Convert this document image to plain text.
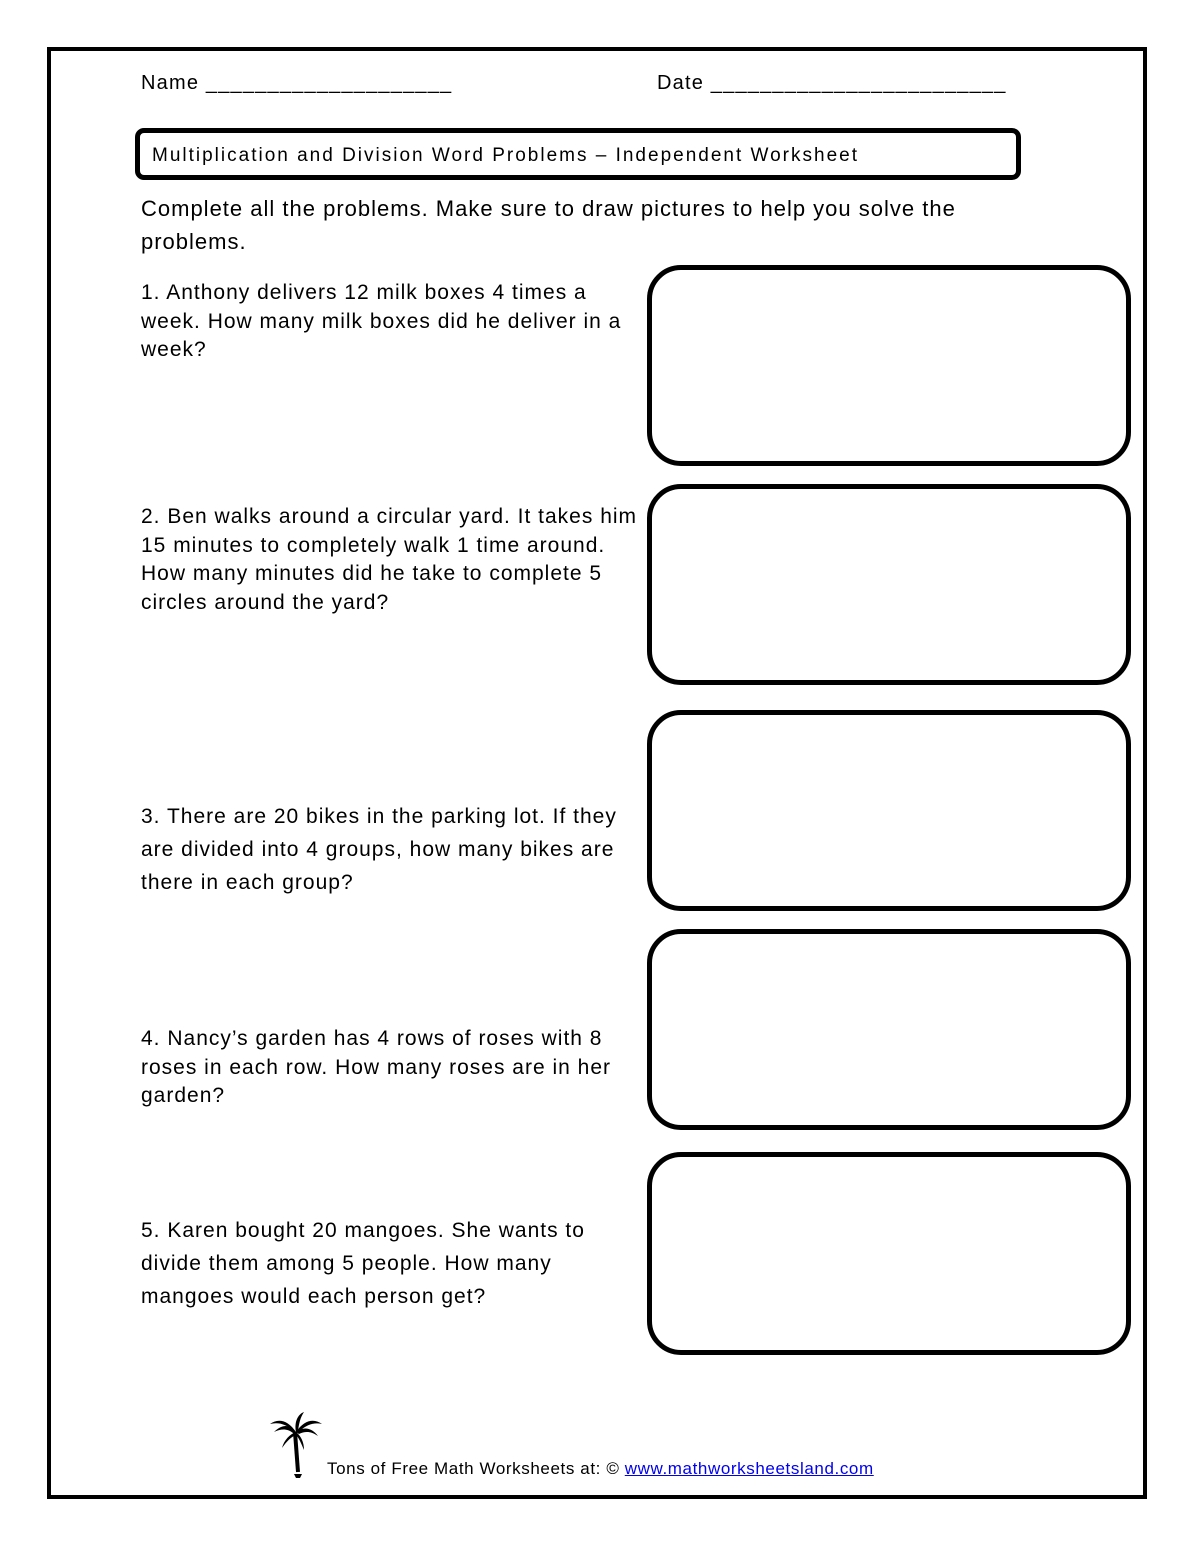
Name ____________________	Date ________________________
Multiplication and Division Word Problems – Independent Worksheet
Complete all the problems. Make sure to draw pictures to help you solve the problems.
1. Anthony delivers 12 milk boxes 4 times a week. How many milk boxes did he deliver in a week?
2. Ben walks around a circular yard. It takes him 15 minutes to completely walk 1 time around. How many minutes did he take to complete 5 circles around the yard?
3. There are 20 bikes in the parking lot. If they are divided into 4 groups, how many bikes are there in each group?
4. Nancy’s garden has 4 rows of roses with 8 roses in each row. How many roses are in her garden?
5. Karen bought 20 mangoes. She wants to divide them among 5 people. How many mangoes would each person get?
Tons of Free Math Worksheets at: © www.mathworksheetsland.com
